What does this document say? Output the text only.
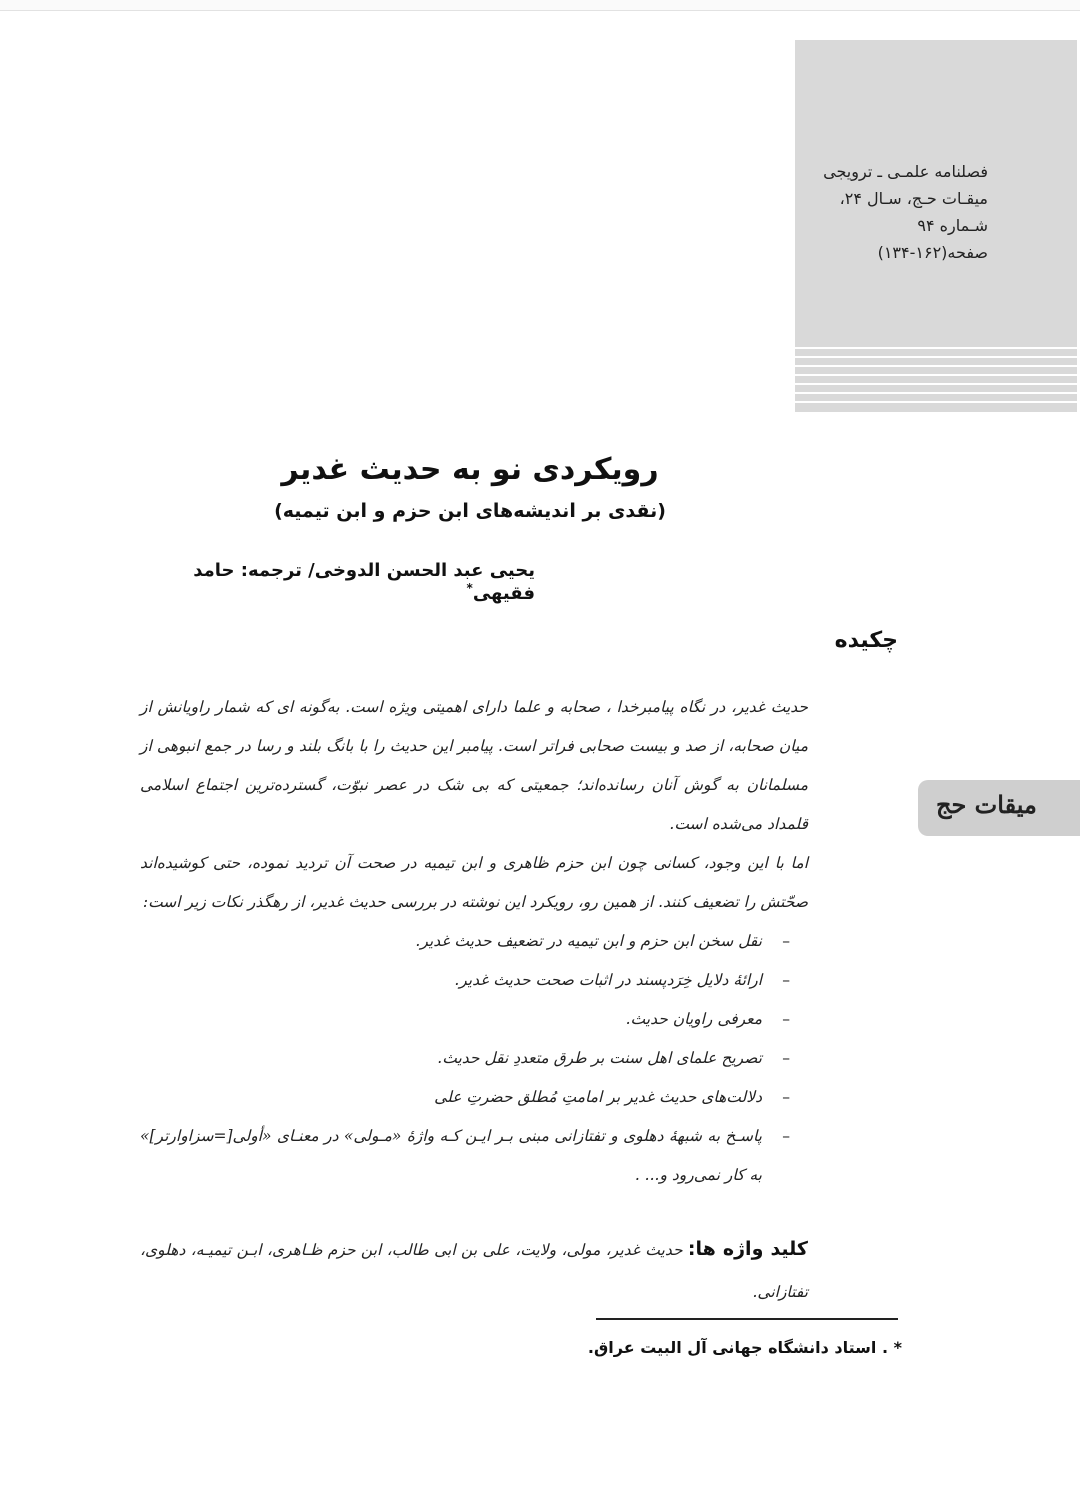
فصلنامه علمـی ـ ترویجی
میقـات حـج، سـال ۲۴،
شـماره ۹۴
صفحه(۱۶۲-۱۳۴)
رویکردی نو به حدیث غدیر
(نقدی بر اندیشه‌های ابن حزم و ابن تیمیه)
یحیی عبد الحسن الدوخی/ ترجمه: حامد فقیهی*
چکیده
میقات حج

حدیث غدیر، در نگاه پیامبرخدا ، صحابه و علما دارای اهمیتی ویژه است. به‌گونه ای که شمار راویانش از میان صحابه، از صد و بیست صحابی فراتر است. پیامبر این حدیث را با بانگ بلند و رسا در جمع انبوهی از مسلمانان به گوش آنان رسانده‌اند؛ جمعیتی که بی شک در عصر نبوّت، گسترده‌ترین اجتماع اسلامی قلمداد می‌شده است.

اما با این وجود، کسانی چون ابن حزم ظاهری و ابن تیمیه در صحت آن تردید نموده، حتی کوشیده‌اند صحّتش را تضعیف کنند. از همین رو، رویکرد این نوشته در بررسی حدیث غدیر، از رهگذر نکات زیر است:

– نقل سخن ابن حزم و ابن تیمیه در تضعیف حدیث غدیر.

– ارائهٔ دلایل خِرَدپسند در اثبات صحت حدیث غدیر.

– معرفی راویان حدیث.

– تصریح علمای اهل سنت بر طرق متعددِ نقل حدیث.

– دلالت‌های حدیث غدیر بر امامتِ مُطلق حضرتِ علی

– پاسـخ به شبههٔ دهلوی و تفتازانی مبنی بـر ایـن کـه واژهٔ «مـولی» در معنـای «أولی[=سزاوارتر]» به کار نمی‌رود و... .

کلید واژه ها: حدیث غدیر، مولی، ولایت، علی بن ابی طالب، ابن حزم ظـاهری، ابـن تیمیـه، دهلوی، تفتازانی.
* . استاد دانشگاه جهانی آل البیت عراق.
